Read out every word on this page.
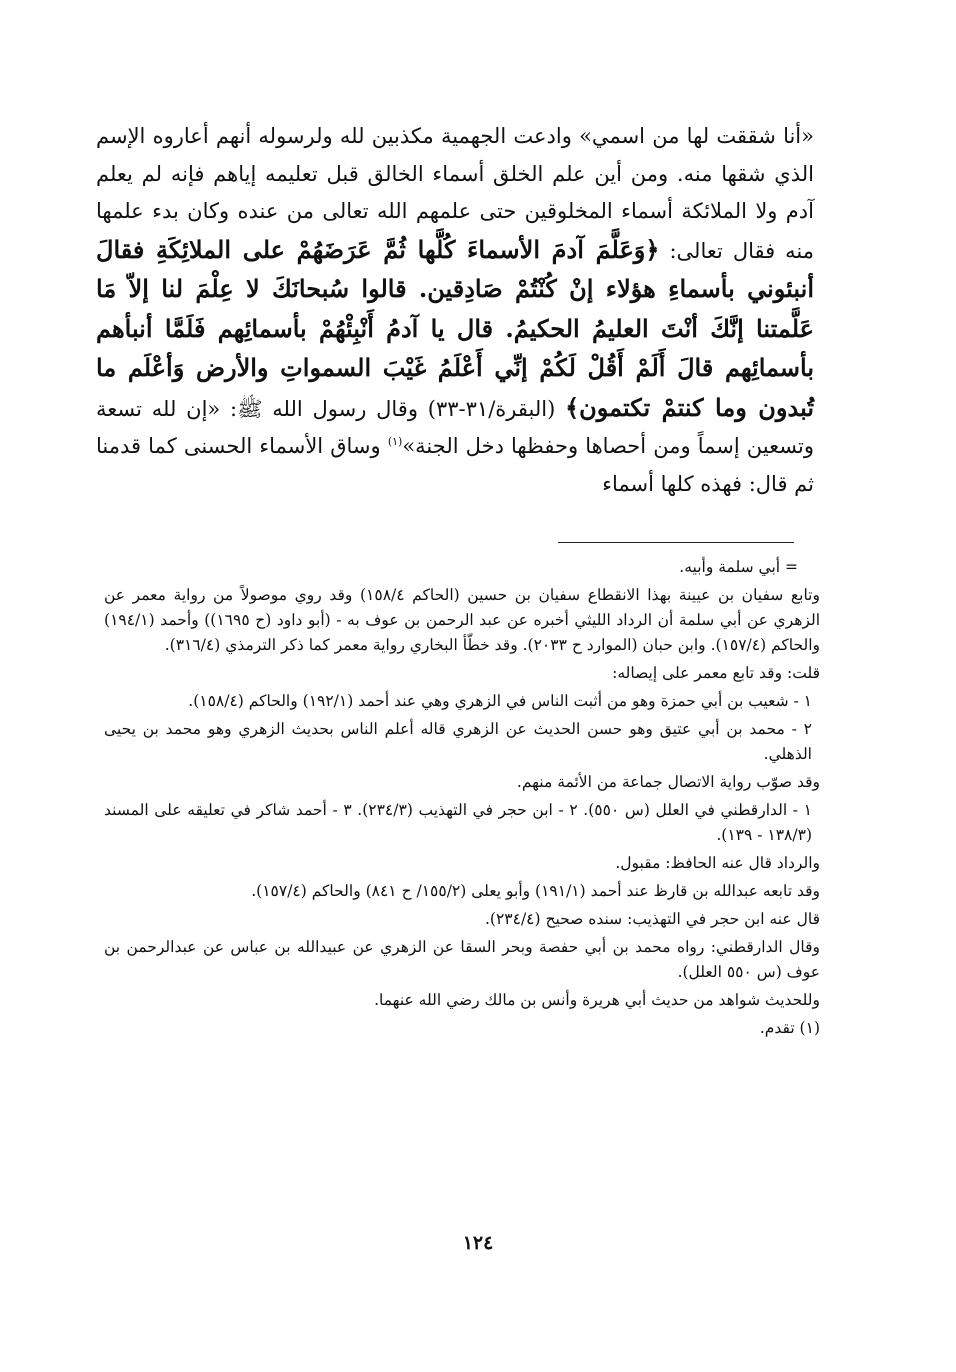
«أنا شققت لها من اسمي» وادعت الجهمية مكذبين لله ولرسوله أنهم أعاروه الإسم الذي شقها منه. ومن أين علم الخلق أسماء الخالق قبل تعليمه إياهم فإنه لم يعلم آدم ولا الملائكة أسماء المخلوقين حتى علمهم الله تعالى من عنده وكان بدء علمها منه فقال تعالى: ﴿وَعَلَّمَ آدمَ الأسماءَ كُلَّها ثُمَّ عَرَضَهُمْ على الملائِكَةِ فقالَ أنبئوني بأسماءِ هؤلاء إنْ كُنْتُمْ صَادِقين. قالوا سُبحانَكَ لا عِلْمَ لنا إلاّ مَا عَلَّمتنا إنَّكَ أنْتَ العليمُ الحكيمُ. قال يا آدمُ أَنْبِئْهُمْ بأسمائِهم فَلَمَّا أنبأهم بأسمائِهم قالَ أَلَمْ أَقُلْ لَكُمْ إنِّي أَعْلَمُ غَيْبَ السمواتِ والأرض وَأعْلَم ما تُبدون وما كنتمْ تكتمون﴾ (البقرة/٣١-٣٣) وقال رسول الله ﷺ: «إن لله تسعة وتسعين إسماً ومن أحصاها وحفظها دخل الجنة»$^{(١)}$ وساق الأسماء الحسنى كما قدمنا ثم قال: فهذه كلها أسماء

= أبي سلمة وأبيه.

وتابع سفيان بن عيينة بهذا الانقطاع سفيان بن حسين (الحاكم ١٥٨/٤) وقد روي موصولاً من رواية معمر عن الزهري عن أبي سلمة أن الرداد الليثي أخبره عن عبد الرحمن بن عوف به - (أبو داود (ح ١٦٩٥)) وأحمد (١٩٤/١) والحاكم (١٥٧/٤). وابن حبان (الموارد ح ٢٠٣٣). وقد خطّأ البخاري رواية معمر كما ذكر الترمذي (٣١٦/٤).

قلت: وقد تابع معمر على إيصاله:

١ - شعيب بن أبي حمزة وهو من أثبت الناس في الزهري وهي عند أحمد (١٩٢/١) والحاكم (١٥٨/٤).

٢ - محمد بن أبي عتيق وهو حسن الحديث عن الزهري قاله أعلم الناس بحديث الزهري وهو محمد بن يحيى الذهلي.

وقد صوّب رواية الاتصال جماعة من الأئمة منهم.

١ - الدارقطني في العلل (س ٥٥٠). ٢ - ابن حجر في التهذيب (٢٣٤/٣). ٣ - أحمد شاكر في تعليقه على المسند (١٣٨/٣ - ١٣٩).

والرداد قال عنه الحافظ: مقبول.

وقد تابعه عبدالله بن قارظ عند أحمد (١٩١/١) وأبو يعلى (١٥٥/٢/ ح ٨٤١) والحاكم (١٥٧/٤).

قال عنه ابن حجر في التهذيب: سنده صحيح (٢٣٤/٤).

وقال الدارقطني: رواه محمد بن أبي حفصة وبحر السقا عن الزهري عن عبيدالله بن عباس عن عبدالرحمن بن عوف (س ٥٥٠ العلل).

وللحديث شواهد من حديث أبي هريرة وأنس بن مالك رضي الله عنهما.

(١) تقدم.

١٢٤
